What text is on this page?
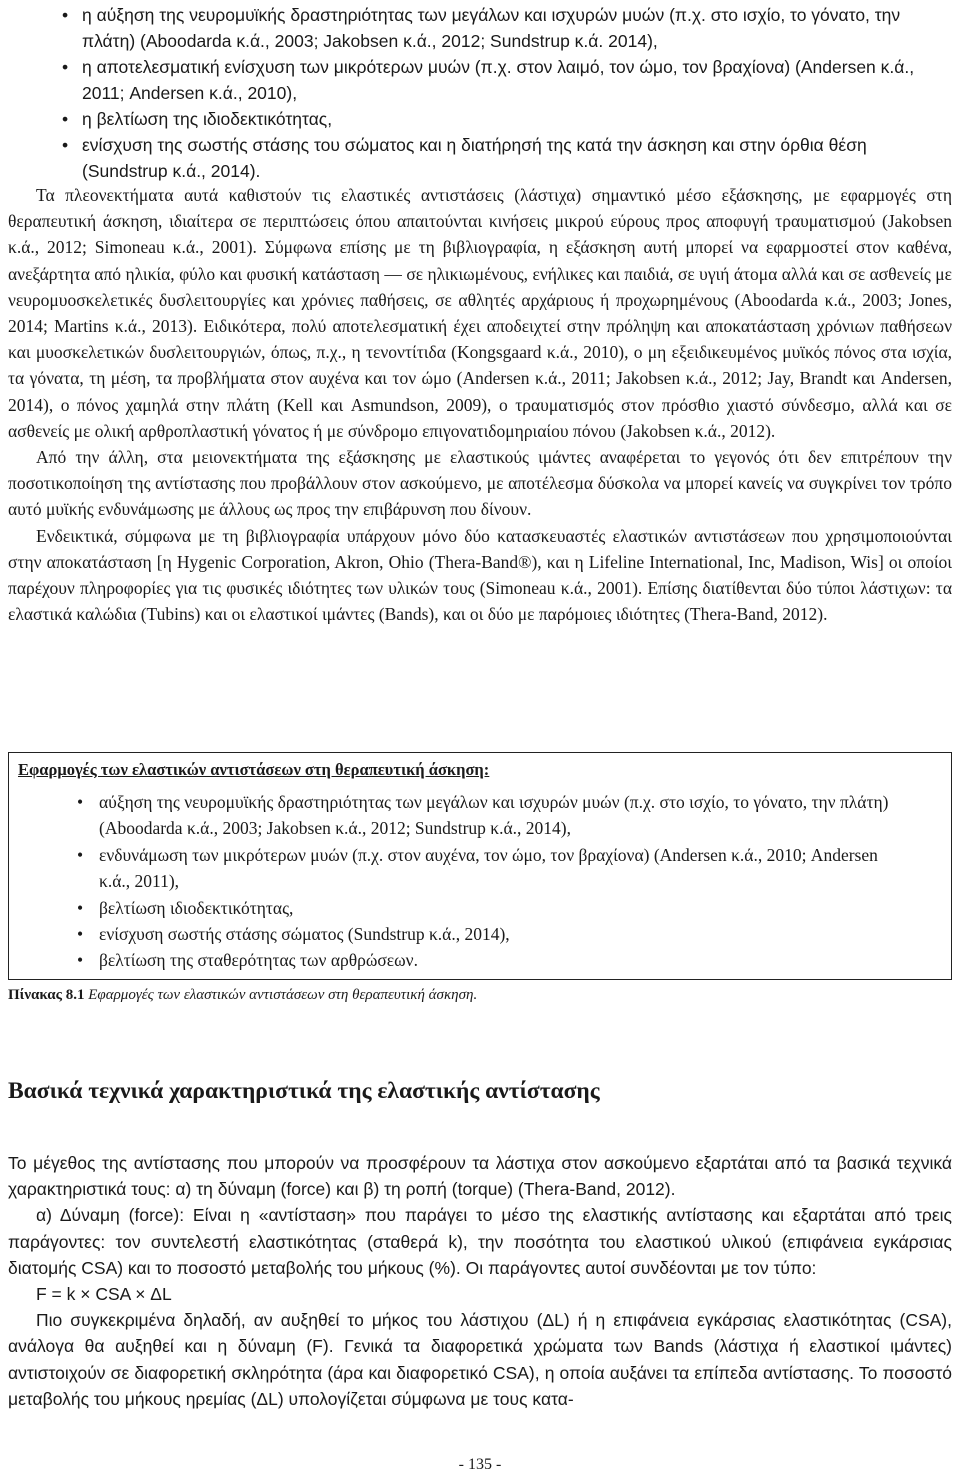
• η αύξηση της νευρομυϊκής δραστηριότητας των μεγάλων και ισχυρών μυών (π.χ. στο ισχίο, το γόνατο, την πλάτη) (Aboodarda κ.ά., 2003; Jakobsen κ.ά., 2012; Sundstrup κ.ά. 2014),
• η αποτελεσματική ενίσχυση των μικρότερων μυών (π.χ. στον λαιμό, τον ώμο, τον βραχίονα) (Andersen κ.ά., 2011; Andersen κ.ά., 2010),
• η βελτίωση της ιδιοδεκτικότητας,
• ενίσχυση της σωστής στάσης του σώματος και η διατήρησή της κατά την άσκηση και στην όρθια θέση (Sundstrup κ.ά., 2014).

Τα πλεονεκτήματα αυτά καθιστούν τις ελαστικές αντιστάσεις (λάστιχα) σημαντικό μέσο εξάσκησης, με εφαρμογές στη θεραπευτική άσκηση, ιδιαίτερα σε περιπτώσεις όπου απαιτούνται κινήσεις μικρού εύρους προς αποφυγή τραυματισμού (Jakobsen κ.ά., 2012; Simoneau κ.ά., 2001). Σύμφωνα επίσης με τη βιβλιογραφία, η εξάσκηση αυτή μπορεί να εφαρμοστεί στον καθένα, ανεξάρτητα από ηλικία, φύλο και φυσική κατάσταση — σε ηλικιωμένους, ενήλικες και παιδιά, σε υγιή άτομα αλλά και σε ασθενείς με νευρομυοσκελετικές δυσλειτουργίες και χρόνιες παθήσεις, σε αθλητές αρχάριους ή προχωρημένους (Aboodarda κ.ά., 2003; Jones, 2014; Martins κ.ά., 2013). Ειδικότερα, πολύ αποτελεσματική έχει αποδειχτεί στην πρόληψη και αποκατάσταση χρόνιων παθήσεων και μυοσκελετικών δυσλειτουργιών, όπως, π.χ., η τενοντίτιδα (Kongsgaard κ.ά., 2010), ο μη εξειδικευμένος μυϊκός πόνος στα ισχία, τα γόνατα, τη μέση, τα προβλήματα στον αυχένα και τον ώμο (Andersen κ.ά., 2011; Jakobsen κ.ά., 2012; Jay, Brandt και Andersen, 2014), ο πόνος χαμηλά στην πλάτη (Kell και Asmundson, 2009), ο τραυματισμός στον πρόσθιο χιαστό σύνδεσμο, αλλά και σε ασθενείς με ολική αρθροπλαστική γόνατος ή με σύνδρομο επιγονατιδομηριαίου πόνου (Jakobsen κ.ά., 2012).

Από την άλλη, στα μειονεκτήματα της εξάσκησης με ελαστικούς ιμάντες αναφέρεται το γεγονός ότι δεν επιτρέπουν την ποσοτικοποίηση της αντίστασης που προβάλλουν στον ασκούμενο, με αποτέλεσμα δύσκολα να μπορεί κανείς να συγκρίνει τον τρόπο αυτό μυϊκής ενδυνάμωσης με άλλους ως προς την επιβάρυνση που δίνουν.

Ενδεικτικά, σύμφωνα με τη βιβλιογραφία υπάρχουν μόνο δύο κατασκευαστές ελαστικών αντιστάσεων που χρησιμοποιούνται στην αποκατάσταση [η Hygenic Corporation, Akron, Ohio (Thera-Band®), και η Lifeline International, Inc, Madison, Wis] οι οποίοι παρέχουν πληροφορίες για τις φυσικές ιδιότητες των υλικών τους (Simoneau κ.ά., 2001). Επίσης διατίθενται δύο τύποι λάστιχων: τα ελαστικά καλώδια (Tubins) και οι ελαστικοί ιμάντες (Bands), και οι δύο με παρόμοιες ιδιότητες (Thera-Band, 2012).

Εφαρμογές των ελαστικών αντιστάσεων στη θεραπευτική άσκηση:
• αύξηση της νευρομυϊκής δραστηριότητας των μεγάλων και ισχυρών μυών (π.χ. στο ισχίο, το γόνατο, την πλάτη) (Aboodarda κ.ά., 2003; Jakobsen κ.ά., 2012; Sundstrup κ.ά., 2014),
• ενδυνάμωση των μικρότερων μυών (π.χ. στον αυχένα, τον ώμο, τον βραχίονα) (Andersen κ.ά., 2010; Andersen κ.ά., 2011),
• βελτίωση ιδιοδεκτικότητας,
• ενίσχυση σωστής στάσης σώματος (Sundstrup κ.ά., 2014),
• βελτίωση της σταθερότητας των αρθρώσεων.
Πίνακας 8.1 Εφαρμογές των ελαστικών αντιστάσεων στη θεραπευτική άσκηση.
Βασικά τεχνικά χαρακτηριστικά της ελαστικής αντίστασης

Το μέγεθος της αντίστασης που μπορούν να προσφέρουν τα λάστιχα στον ασκούμενο εξαρτάται από τα βασικά τεχνικά χαρακτηριστικά τους: α) τη δύναμη (force) και β) τη ροπή (torque) (Thera-Band, 2012).

α) Δύναμη (force): Είναι η «αντίσταση» που παράγει το μέσο της ελαστικής αντίστασης και εξαρτάται από τρεις παράγοντες: τον συντελεστή ελαστικότητας (σταθερά k), την ποσότητα του ελαστικού υλικού (επιφάνεια εγκάρσιας διατομής CSA) και το ποσοστό μεταβολής του μήκους (%). Οι παράγοντες αυτοί συνδέονται με τον τύπο:

F = k × CSA × ΔL

Πιο συγκεκριμένα δηλαδή, αν αυξηθεί το μήκος του λάστιχου (ΔL) ή η επιφάνεια εγκάρσιας ελαστικότητας (CSA), ανάλογα θα αυξηθεί και η δύναμη (F). Γενικά τα διαφορετικά χρώματα των Bands (λάστιχα ή ελαστικοί ιμάντες) αντιστοιχούν σε διαφορετική σκληρότητα (άρα και διαφορετικό CSA), η οποία αυξάνει τα επίπεδα αντίστασης. Το ποσοστό μεταβολής του μήκους ηρεμίας (ΔL) υπολογίζεται σύμφωνα με τους κατα-

- 135 -
